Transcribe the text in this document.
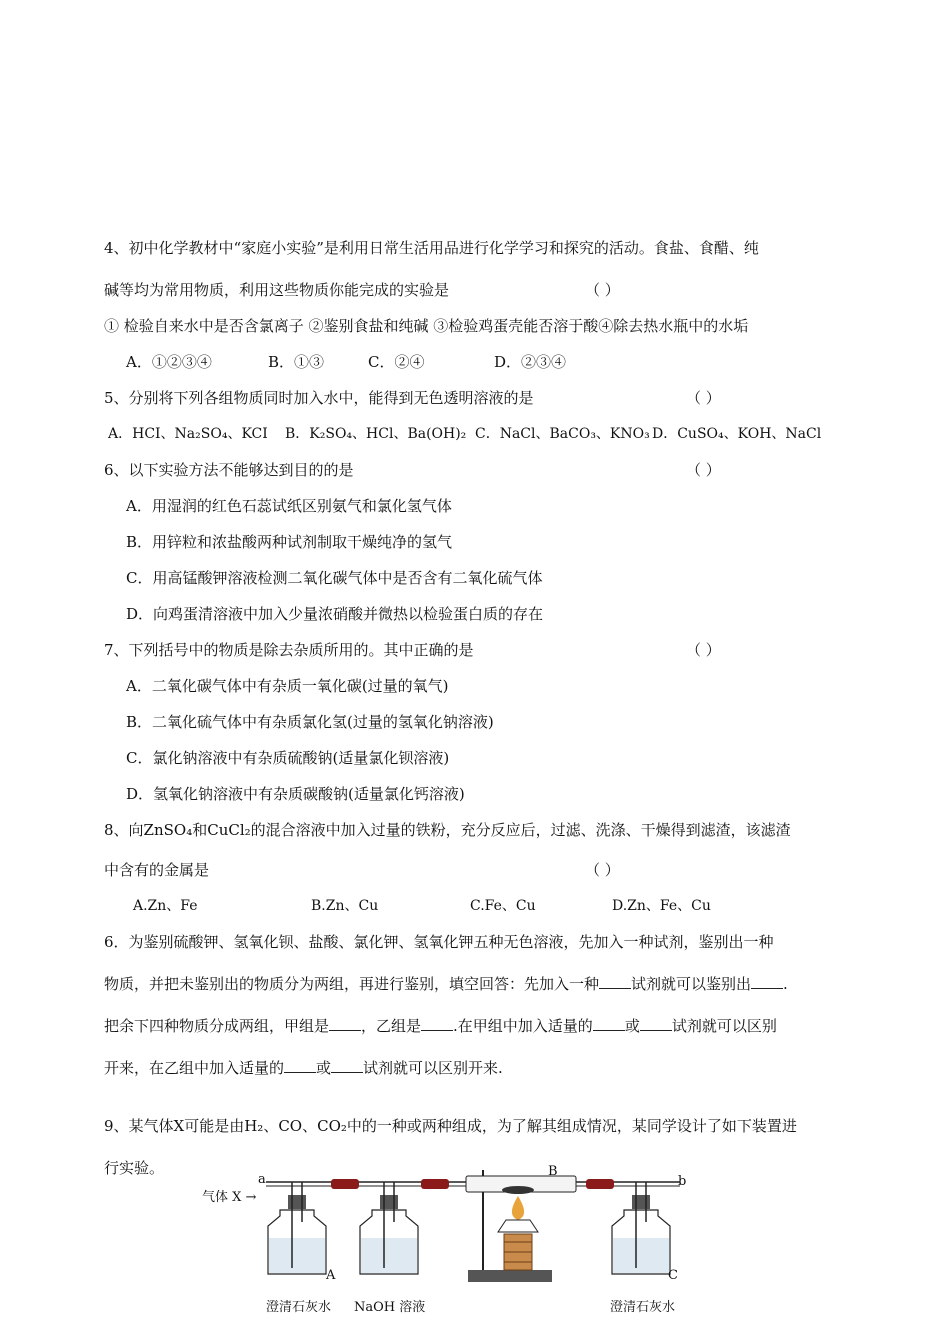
4、初中化学教材中“家庭小实验”是利用日常生活用品进行化学学习和探究的活动。食盐、食醋、纯
碱等均为常用物质，利用这些物质你能完成的实验是	（ ）
① 检验自来水中是否含氯离子 ②鉴别食盐和纯碱 ③检验鸡蛋壳能否溶于酸④除去热水瓶中的水垢
A．①②③④	B．①③	C．②④	D．②③④
5、分别将下列各组物质同时加入水中，能得到无色透明溶液的是	（ ）
A．HCI、Na₂SO₄、KCI B．K₂SO₄、HCl、Ba(OH)₂ C．NaCl、BaCO₃、KNO₃ D．CuSO₄、KOH、NaCl
6、以下实验方法不能够达到目的的是	（ ）
A．用湿润的红色石蕊试纸区别氨气和氯化氢气体
B．用锌粒和浓盐酸两种试剂制取干燥纯净的氢气
C．用高锰酸钾溶液检测二氧化碳气体中是否含有二氧化硫气体
D．向鸡蛋清溶液中加入少量浓硝酸并微热以检验蛋白质的存在
7、下列括号中的物质是除去杂质所用的。其中正确的是	（ ）
A．二氧化碳气体中有杂质一氧化碳(过量的氧气)
B．二氧化硫气体中有杂质氯化氢(过量的氢氧化钠溶液)
C．氯化钠溶液中有杂质硫酸钠(适量氯化钡溶液)
D．氢氧化钠溶液中有杂质碳酸钠(适量氯化钙溶液)
8、向ZnSO₄和CuCl₂的混合溶液中加入过量的铁粉，充分反应后，过滤、洗涤、干燥得到滤渣，该滤渣
中含有的金属是	（ ）
A.Zn、Fe	B.Zn、Cu	C.Fe、Cu	D.Zn、Fe、Cu
6．为鉴别硫酸钾、氢氧化钡、盐酸、氯化钾、氢氧化钾五种无色溶液，先加入一种试剂，鉴别出一种
物质，并把未鉴别出的物质分为两组，再进行鉴别，填空回答：先加入一种 试剂就可以鉴别出 .
把余下四种物质分成两组，甲组是 ，乙组是 .在甲组中加入适量的 或 试剂就可以区别
开来，在乙组中加入适量的 或 试剂就可以区别开来.
9、某气体X可能是由H₂、CO、CO₂中的一种或两种组成，为了解其组成情况，某同学设计了如下装置进
行实验。
气体 X →
a	b
B
A	C
澄清石灰水 NaOH 溶液	澄清石灰水
